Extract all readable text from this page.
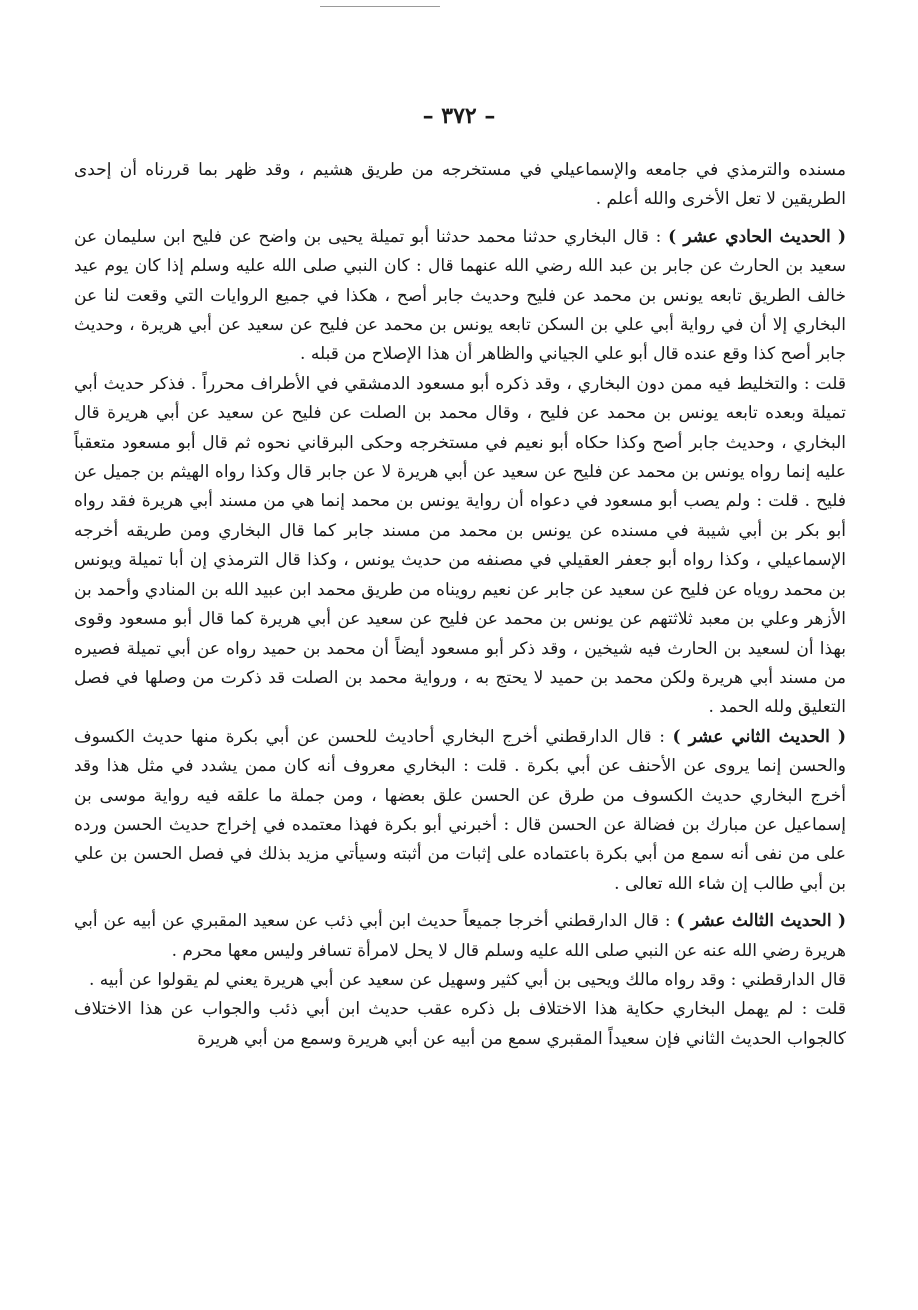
– ٣٧٢ –

مسنده والترمذي في جامعه والإسماعيلي في مستخرجه من طريق هشيم ، وقد ظهر بما قررناه أن إحدى الطريقين لا تعل الأخرى والله أعلم .

( الحديث الحادي عشر ) : قال البخاري حدثنا محمد حدثنا أبو تميلة يحيى بن واضح عن فليح ابن سليمان عن سعيد بن الحارث عن جابر بن عبد الله رضي الله عنهما قال : كان النبي صلى الله عليه وسلم إذا كان يوم عيد خالف الطريق تابعه يونس بن محمد عن فليح وحديث جابر أصح ، هكذا في جميع الروايات التي وقعت لنا عن البخاري إلا أن في رواية أبي علي بن السكن تابعه يونس بن محمد عن فليح عن سعيد عن أبي هريرة ، وحديث جابر أصح كذا وقع عنده قال أبو علي الجياني والظاهر أن هذا الإصلاح من قبله .

قلت : والتخليط فيه ممن دون البخاري ، وقد ذكره أبو مسعود الدمشقي في الأطراف محرراً . فذكر حديث أبي تميلة وبعده تابعه يونس بن محمد عن فليح ، وقال محمد بن الصلت عن فليح عن سعيد عن أبي هريرة قال البخاري ، وحديث جابر أصح وكذا حكاه أبو نعيم في مستخرجه وحكى البرقاني نحوه ثم قال أبو مسعود متعقباً عليه إنما رواه يونس بن محمد عن فليح عن سعيد عن أبي هريرة لا عن جابر قال وكذا رواه الهيثم بن جميل عن فليح . قلت : ولم يصب أبو مسعود في دعواه أن رواية يونس بن محمد إنما هي من مسند أبي هريرة فقد رواه أبو بكر بن أبي شيبة في مسنده عن يونس بن محمد من مسند جابر كما قال البخاري ومن طريقه أخرجه الإسماعيلي ، وكذا رواه أبو جعفر العقيلي في مصنفه من حديث يونس ، وكذا قال الترمذي إن أبا تميلة ويونس بن محمد روياه عن فليح عن سعيد عن جابر عن نعيم رويناه من طريق محمد ابن عبيد الله بن المنادي وأحمد بن الأزهر وعلي بن معبد ثلاثتهم عن يونس بن محمد عن فليح عن سعيد عن أبي هريرة كما قال أبو مسعود وقوى بهذا أن لسعيد بن الحارث فيه شيخين ، وقد ذكر أبو مسعود أيضاً أن محمد بن حميد رواه عن أبي تميلة فصيره من مسند أبي هريرة ولكن محمد بن حميد لا يحتج به ، ورواية محمد بن الصلت قد ذكرت من وصلها في فصل التعليق ولله الحمد .

( الحديث الثاني عشر ) : قال الدارقطني أخرج البخاري أحاديث للحسن عن أبي بكرة منها حديث الكسوف والحسن إنما يروى عن الأحنف عن أبي بكرة . قلت : البخاري معروف أنه كان ممن يشدد في مثل هذا وقد أخرج البخاري حديث الكسوف من طرق عن الحسن علق بعضها ، ومن جملة ما علقه فيه رواية موسى بن إسماعيل عن مبارك بن فضالة عن الحسن قال : أخبرني أبو بكرة فهذا معتمده في إخراج حديث الحسن ورده على من نفى أنه سمع من أبي بكرة باعتماده على إثبات من أثبته وسيأتي مزيد بذلك في فصل الحسن بن علي بن أبي طالب إن شاء الله تعالى .

( الحديث الثالث عشر ) : قال الدارقطني أخرجا جميعاً حديث ابن أبي ذئب عن سعيد المقبري عن أبيه عن أبي هريرة رضي الله عنه عن النبي صلى الله عليه وسلم قال لا يحل لامرأة تسافر وليس معها محرم .

قال الدارقطني : وقد رواه مالك ويحيى بن أبي كثير وسهيل عن سعيد عن أبي هريرة يعني لم يقولوا عن أبيه .

قلت : لم يهمل البخاري حكاية هذا الاختلاف بل ذكره عقب حديث ابن أبي ذئب والجواب عن هذا الاختلاف كالجواب الحديث الثاني فإن سعيداً المقبري سمع من أبيه عن أبي هريرة وسمع من أبي هريرة
